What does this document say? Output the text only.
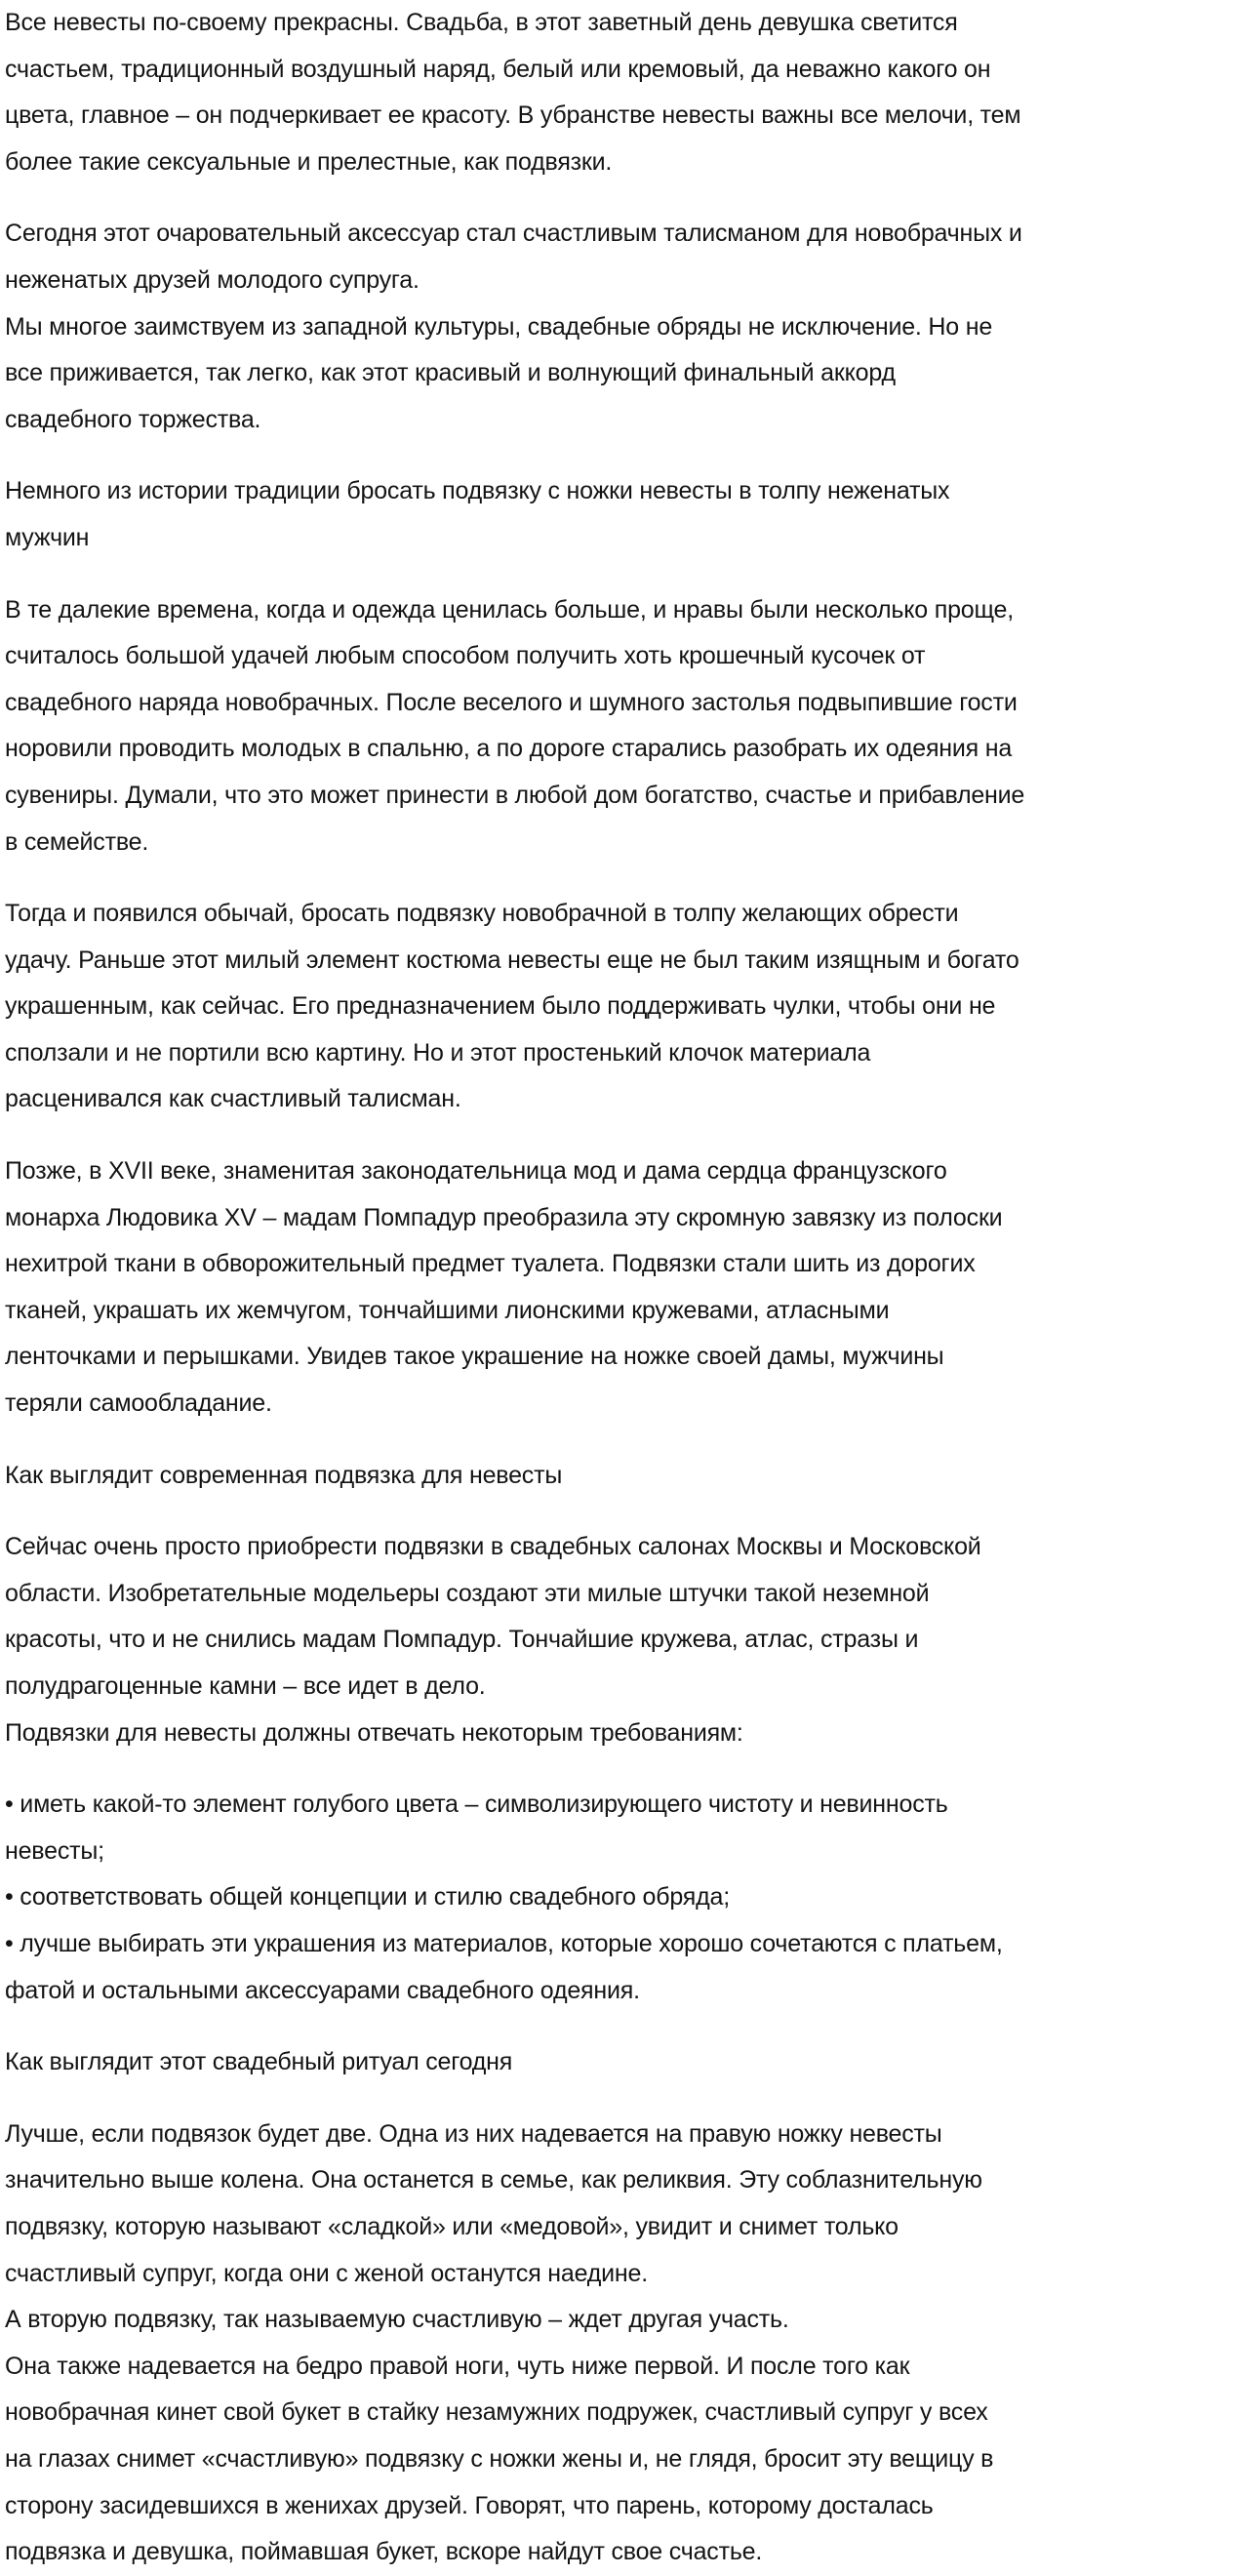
Все невесты по-своему прекрасны. Свадьба, в этот заветный день девушка светится
счастьем, традиционный воздушный наряд, белый или кремовый, да неважно какого он
цвета, главное – он подчеркивает ее красоту. В убранстве невесты важны все мелочи, тем
более такие сексуальные и прелестные, как подвязки.
Сегодня этот очаровательный аксессуар стал счастливым талисманом для новобрачных и
неженатых друзей молодого супруга.
Мы многое заимствуем из западной культуры, свадебные обряды не исключение. Но не
все приживается, так легко, как этот красивый и волнующий финальный аккорд
свадебного торжества.
Немного из истории традиции бросать подвязку с ножки невесты в толпу неженатых
мужчин
В те далекие времена, когда и одежда ценилась больше, и нравы были несколько проще,
считалось большой удачей любым способом получить хоть крошечный кусочек от
свадебного наряда новобрачных. После веселого и шумного застолья подвыпившие гости
норовили проводить молодых в спальню, а по дороге старались разобрать их одеяния на
сувениры. Думали, что это может принести в любой дом богатство, счастье и прибавление
в семействе.
Тогда и появился обычай, бросать подвязку новобрачной в толпу желающих обрести
удачу. Раньше этот милый элемент костюма невесты еще не был таким изящным и богато
украшенным, как сейчас. Его предназначением было поддерживать чулки, чтобы они не
сползали и не портили всю картину. Но и этот простенький клочок материала
расценивался как счастливый талисман.
Позже, в XVII веке, знаменитая законодательница мод и дама сердца французского
монарха Людовика XV – мадам Помпадур преобразила эту скромную завязку из полоски
нехитрой ткани в обворожительный предмет туалета. Подвязки стали шить из дорогих
тканей, украшать их жемчугом, тончайшими лионскими кружевами, атласными
ленточками и перышками. Увидев такое украшение на ножке своей дамы, мужчины
теряли самообладание.
Как выглядит современная подвязка для невесты
Сейчас очень просто приобрести подвязки в свадебных салонах Москвы и Московской
области. Изобретательные модельеры создают эти милые штучки такой неземной
красоты, что и не снились мадам Помпадур. Тончайшие кружева, атлас, стразы и
полудрагоценные камни – все идет в дело.
Подвязки для невесты должны отвечать некоторым требованиям:
• иметь какой-то элемент голубого цвета – символизирующего чистоту и невинность
невесты;
• соответствовать общей концепции и стилю свадебного обряда;
• лучше выбирать эти украшения из материалов, которые хорошо сочетаются с платьем,
фатой и остальными аксессуарами свадебного одеяния.
Как выглядит этот свадебный ритуал сегодня
Лучше, если подвязок будет две. Одна из них надевается на правую ножку невесты
значительно выше колена. Она останется в семье, как реликвия. Эту соблазнительную
подвязку, которую называют «сладкой» или «медовой», увидит и снимет только
счастливый супруг, когда они с женой останутся наедине.
А вторую подвязку, так называемую счастливую – ждет другая участь.
Она также надевается на бедро правой ноги, чуть ниже первой. И после того как
новобрачная кинет свой букет в стайку незамужних подружек, счастливый супруг у всех
на глазах снимет «счастливую» подвязку с ножки жены и, не глядя, бросит эту вещицу в
сторону засидевшихся в женихах друзей. Говорят, что парень, которому досталась
подвязка и девушка, поймавшая букет, вскоре найдут свое счастье.
